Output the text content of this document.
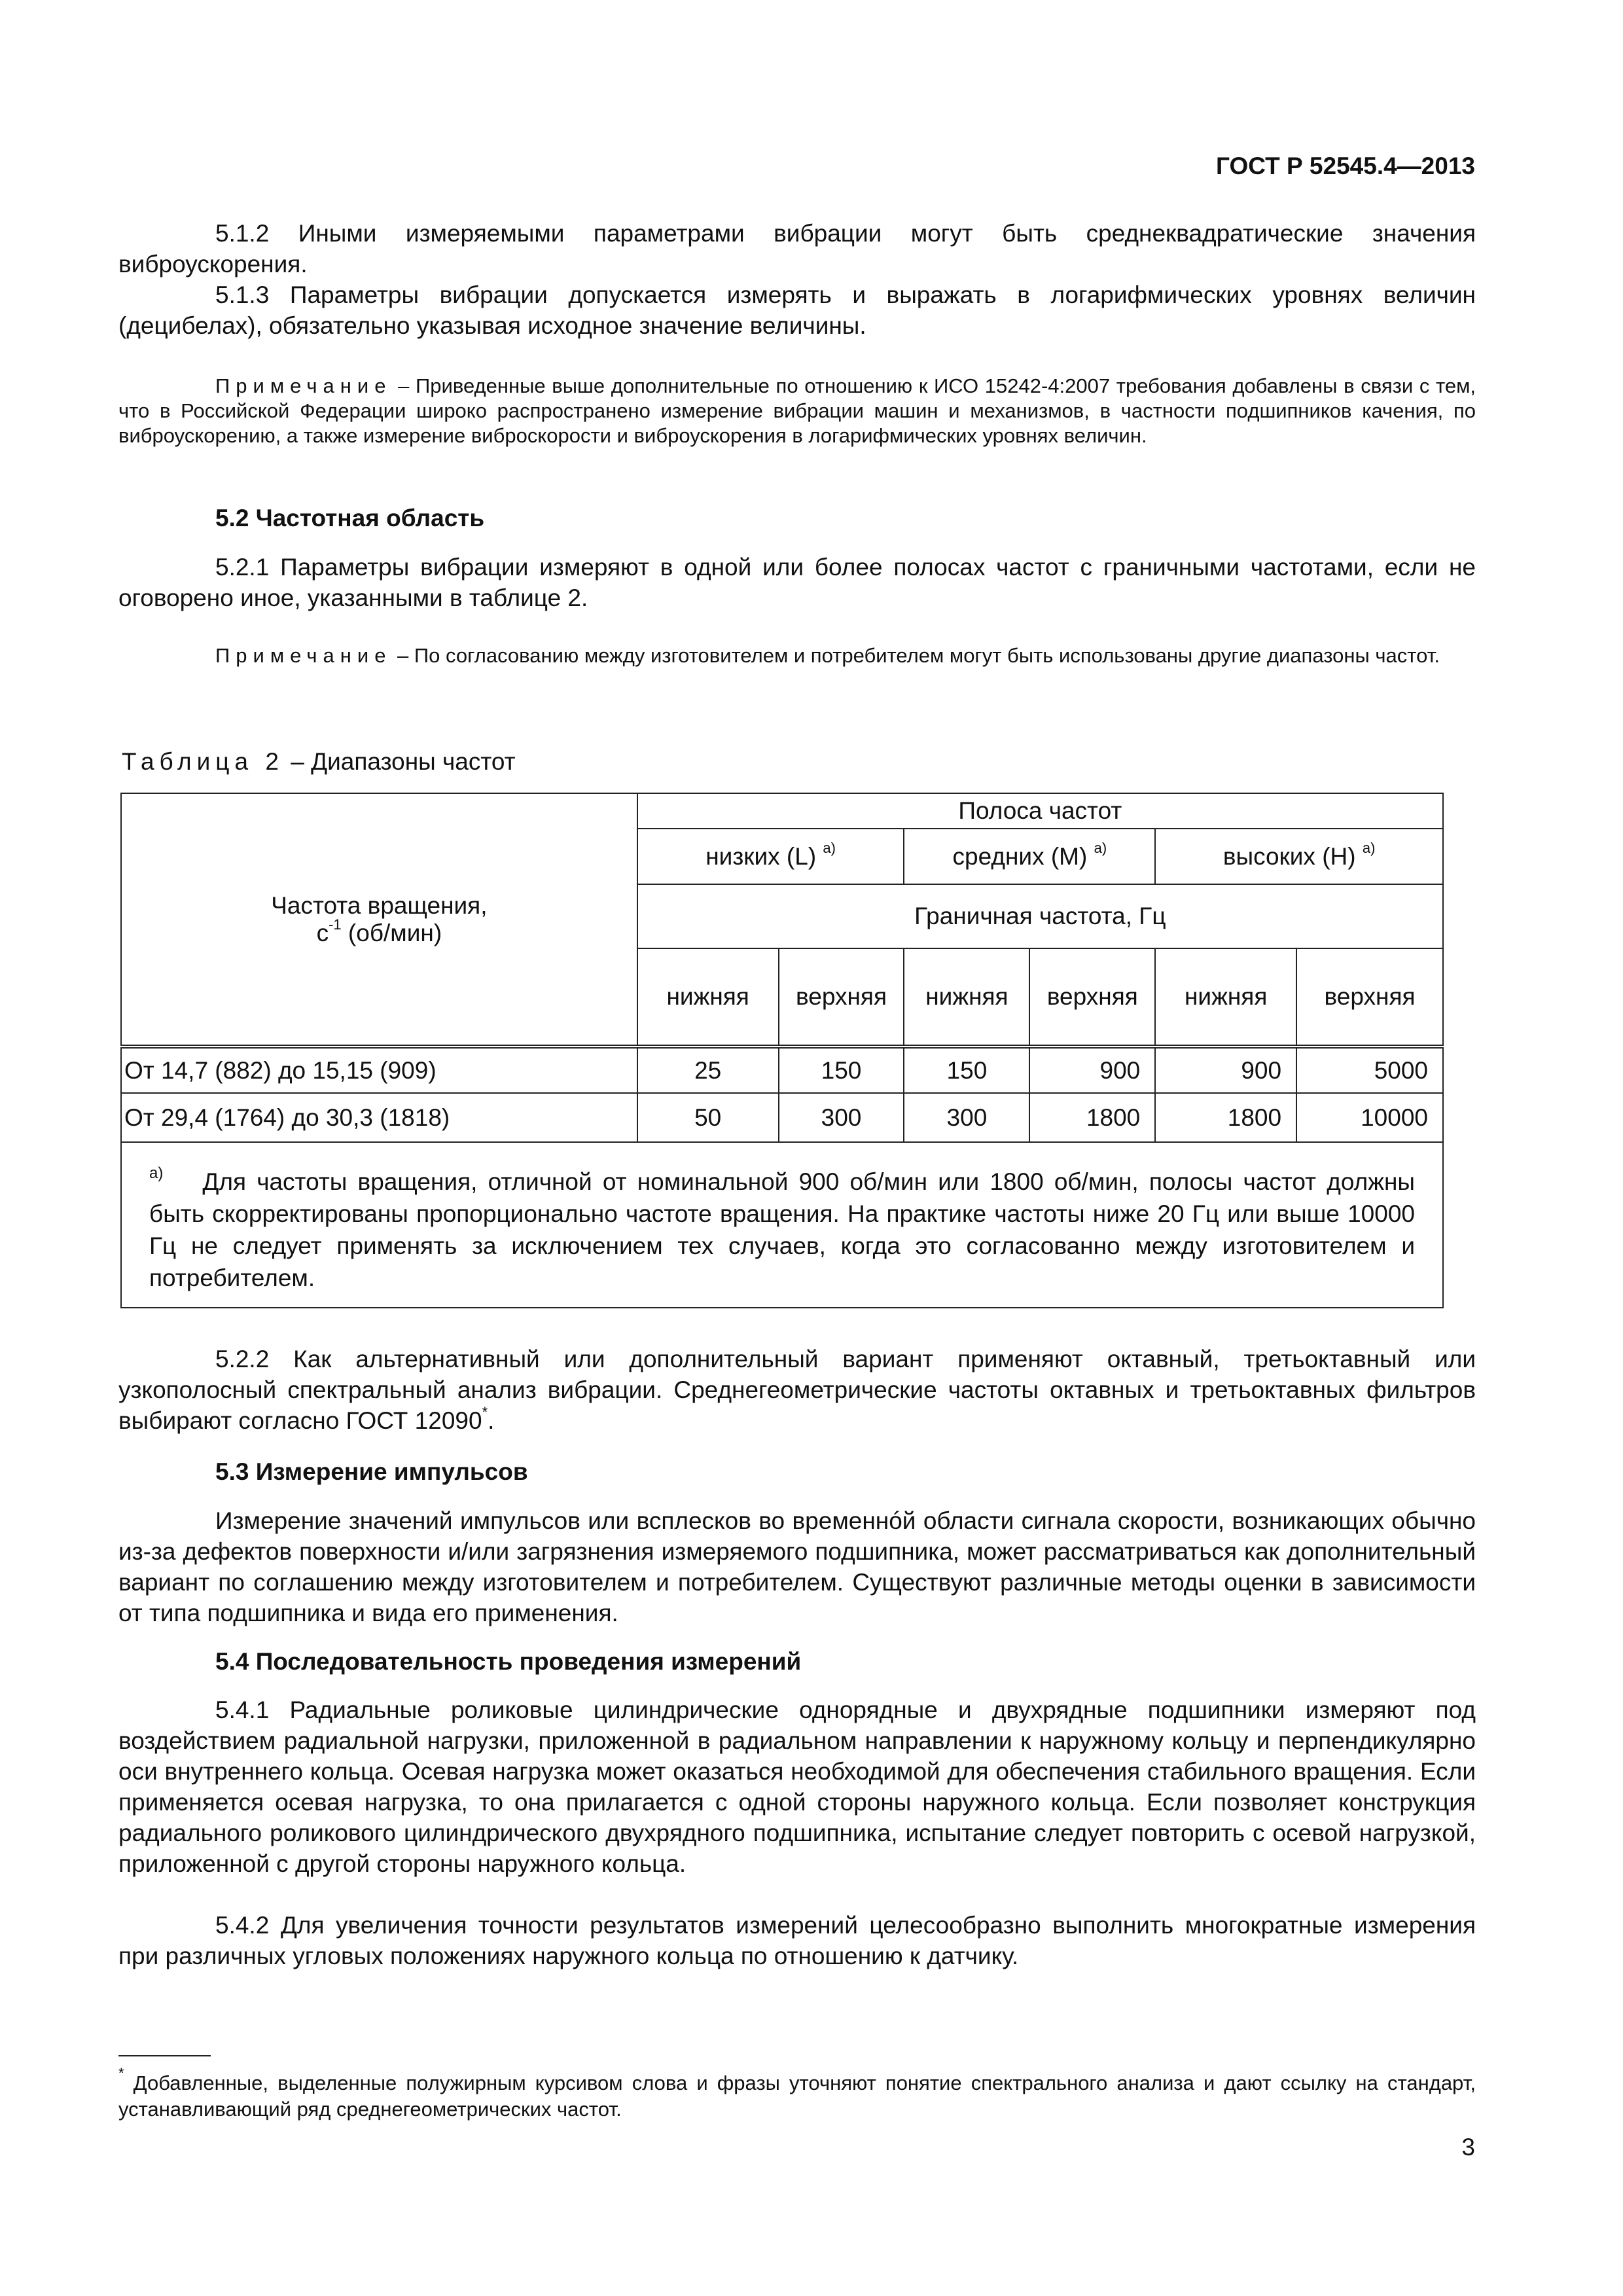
ГОСТ Р 52545.4—2013

5.1.2 Иными измеряемыми параметрами вибрации могут быть среднеквадратические значения виброускорения.

5.1.3 Параметры вибрации допускается измерять и выражать в логарифмических уровнях величин (децибелах), обязательно указывая исходное значение величины.

Примечание – Приведенные выше дополнительные по отношению к ИСО 15242-4:2007 требования добавлены в связи с тем, что в Российской Федерации широко распространено измерение вибрации машин и механизмов, в частности подшипников качения, по виброускорению, а также измерение виброскорости и виброускорения в логарифмических уровнях величин.

5.2 Частотная область

5.2.1 Параметры вибрации измеряют в одной или более полосах частот с граничными частотами, если не оговорено иное, указанными в таблице 2.

Примечание – По согласованию между изготовителем и потребителем могут быть использованы другие диапазоны частот.

Таблица 2 – Диапазоны частот
Частота вращения,
$с^{-1}$ (об/мин)	Полоса частот					
	низких (L) $^{а)}$		средних (M) $^{а)}$		высоких (H) $^{а)}$
	Граничная частота, Гц					
	нижняя	верхняя	нижняя	верхняя	нижняя	верхняя
От 14,7 (882) до 15,15 (909)	25	150	150	900	900	5000
От 29,4 (1764) до 30,3 (1818)	50	300	300	1800	1800	10000
$^{а)}$ Для частоты вращения, отличной от номинальной 900 об/мин или 1800 об/мин, полосы частот должны быть скорректированы пропорционально частоте вращения. На практике частоты ниже 20 Гц или выше 10000 Гц не следует применять за исключением тех случаев, когда это согласованно между изготовителем и потребителем.						

5.2.2 Как альтернативный или дополнительный вариант применяют октавный, третьоктавный или узкополосный спектральный анализ вибрации. Среднегеометрические частоты октавных и третьоктавных фильтров выбирают согласно ГОСТ 12090*.

5.3 Измерение импульсов

Измерение значений импульсов или всплесков во временнóй области сигнала скорости, возникающих обычно из-за дефектов поверхности и/или загрязнения измеряемого подшипника, может рассматриваться как дополнительный вариант по соглашению между изготовителем и потребителем. Существуют различные методы оценки в зависимости от типа подшипника и вида его применения.

5.4 Последовательность проведения измерений

5.4.1 Радиальные роликовые цилиндрические однорядные и двухрядные подшипники измеряют под воздействием радиальной нагрузки, приложенной в радиальном направлении к наружному кольцу и перпендикулярно оси внутреннего кольца. Осевая нагрузка может оказаться необходимой для обеспечения стабильного вращения. Если применяется осевая нагрузка, то она прилагается с одной стороны наружного кольца. Если позволяет конструкция радиального роликового цилиндрического двухрядного подшипника, испытание следует повторить с осевой нагрузкой, приложенной с другой стороны наружного кольца.

5.4.2 Для увеличения точности результатов измерений целесообразно выполнить многократные измерения при различных угловых положениях наружного кольца по отношению к датчику.

* Добавленные, выделенные полужирным курсивом слова и фразы уточняют понятие спектрального анализа и дают ссылку на стандарт, устанавливающий ряд среднегеометрических частот.

3
